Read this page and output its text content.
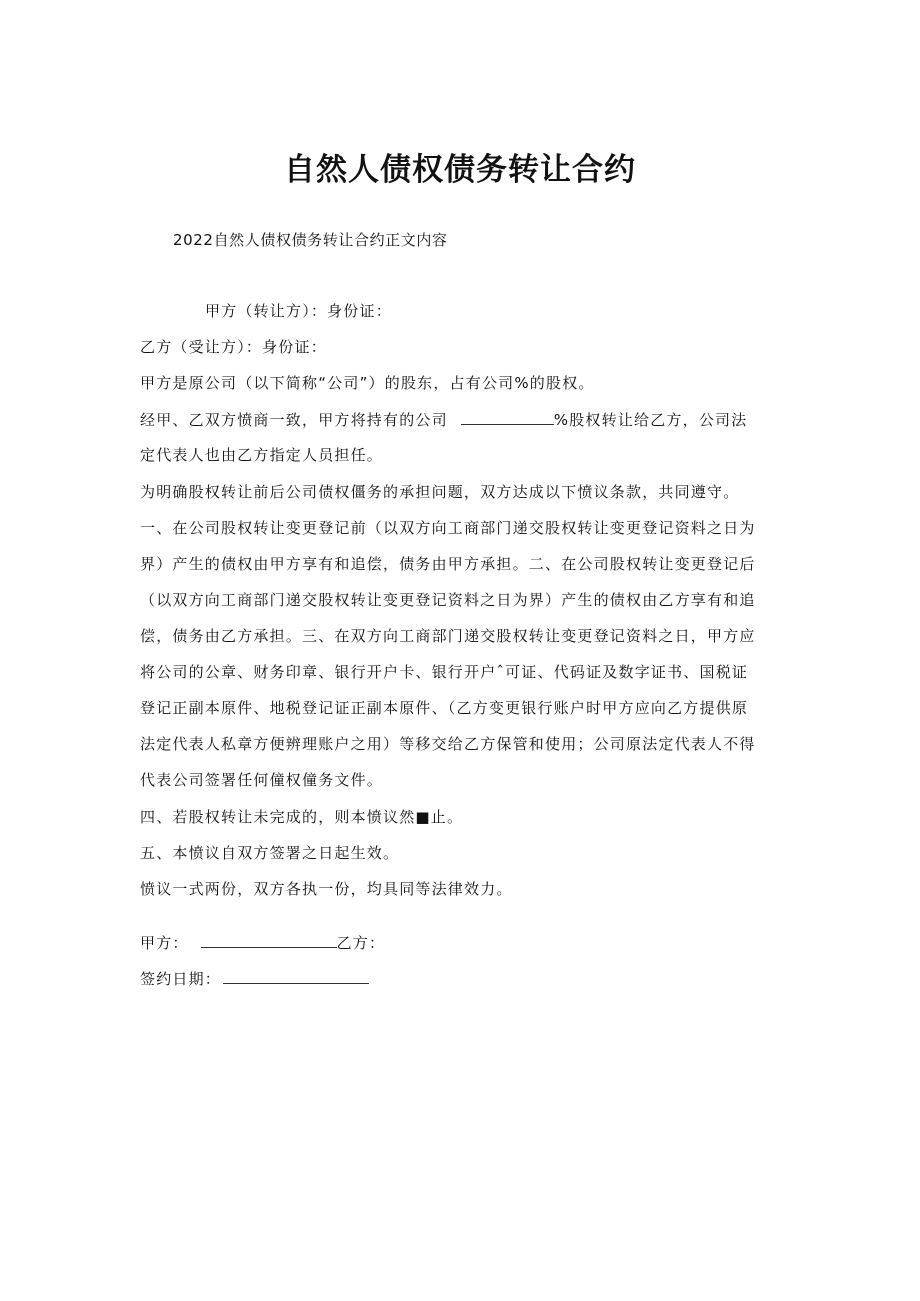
自然人债权债务转让合约
2022自然人债权债务转让合约正文内容
甲方（转让方）：身份证：
乙方（受让方）：身份证：
甲方是原公司（以下简称“公司”）的股东，占有公司%的股权。
经甲、乙双方愤商一致，甲方将持有的公司	%股权转让给乙方，公司法
定代表人也由乙方指定人员担任。
为明确股权转让前后公司债权僵务的承担问题，双方达成以下愤议条款，共同遵守。
一、在公司股权转让变更登记前（以双方向工商部门递交股权转让变更登记资料之日为
界）产生的债权由甲方享有和追偿，债务由甲方承担。二、在公司股权转让变更登记后
（以双方向工商部门递交股权转让变更登记资料之日为界）产生的债权由乙方享有和追
偿，债务由乙方承担。三、在双方向工商部门递交股权转让变更登记资料之日，甲方应
将公司的公章、财务印章、银行开户卡、银行开户ˆ可证、代码证及数字证书、国税证
登记正副本原件、地税登记证正副本原件、（乙方变更银行账户时甲方应向乙方提供原
法定代表人私章方便辨理账户之用）等移交给乙方保管和使用；公司原法定代表人不得
代表公司签署任何僮权僮务文件。
四、若股权转让未完成的，则本愤议然■止。
五、本愤议自双方签署之日起生效。
愤议一式两份，双方各执一份，均具同等法律效力。
甲方：	乙方：
签约日期：
